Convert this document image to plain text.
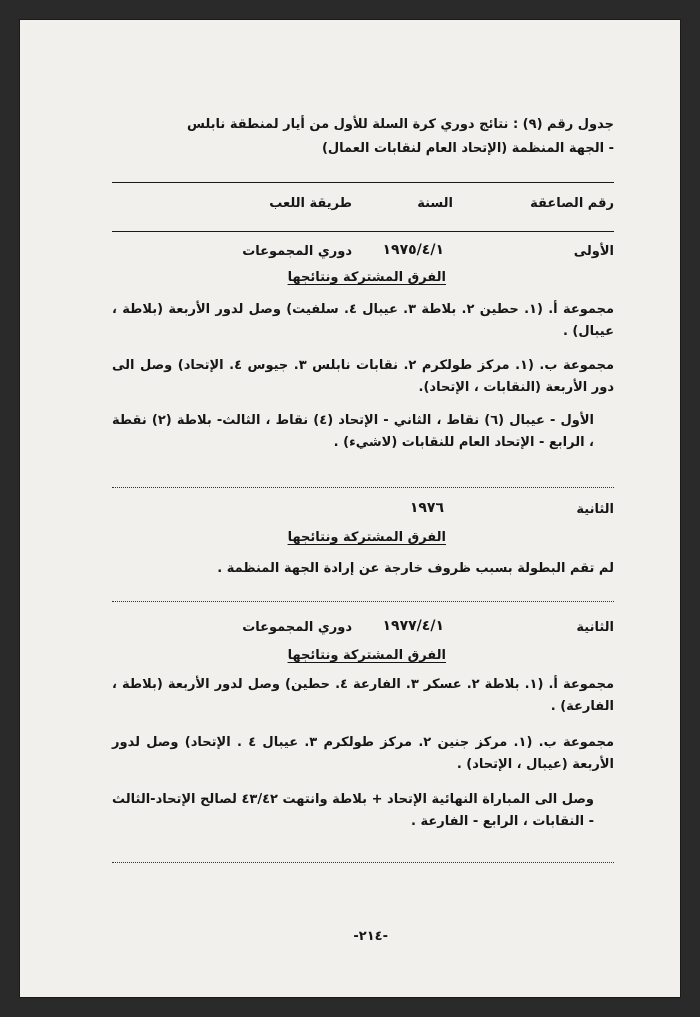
جدول رقم (٩) : نتائج دوري كرة السلة للأول من أيار لمنطقة نابلس
- الجهة المنظمة (الإتحاد العام لنقابات العمال)
رقم الصاعقة
السنة
طريقة اللعب
الأولى
١٩٧٥/٤/١
دوري المجموعات
الفرق المشتركة ونتائجها
مجموعة أ. (١. حطين ٢. بلاطة ٣. عيبال ٤. سلفيت) وصل لدور الأربعة (بلاطة ، عيبال) .
مجموعة ب. (١. مركز طولكرم ٢. نقابات نابلس ٣. جيوس ٤. الإتحاد) وصل الى دور الأربعة (النقابات ، الإتحاد).
الأول - عيبال (٦) نقاط ، الثاني - الإتحاد (٤) نقاط ، الثالث- بلاطة (٢) نقطة ، الرابع - الإتحاد العام للنقابات (لاشيء) .
الثانية
١٩٧٦
الفرق المشتركة ونتائجها
لم تقم البطولة بسبب ظروف خارجة عن إرادة الجهة المنظمة .
الثانية
١٩٧٧/٤/١
دوري المجموعات
الفرق المشتركة ونتائجها
مجموعة أ. (١. بلاطة ٢. عسكر ٣. الفارعة ٤. حطين) وصل لدور الأربعة (بلاطة ، الفارعة) .
مجموعة ب. (١. مركز جنين ٢. مركز طولكرم ٣. عيبال ٤ . الإتحاد) وصل لدور الأربعة (عيبال ، الإتحاد) .
وصل الى المباراة النهائية الإتحاد + بلاطة وانتهت ٤٣/٤٢ لصالح الإتحاد-الثالث - النقابات ، الرابع - الفارعة .
-٢١٤-
